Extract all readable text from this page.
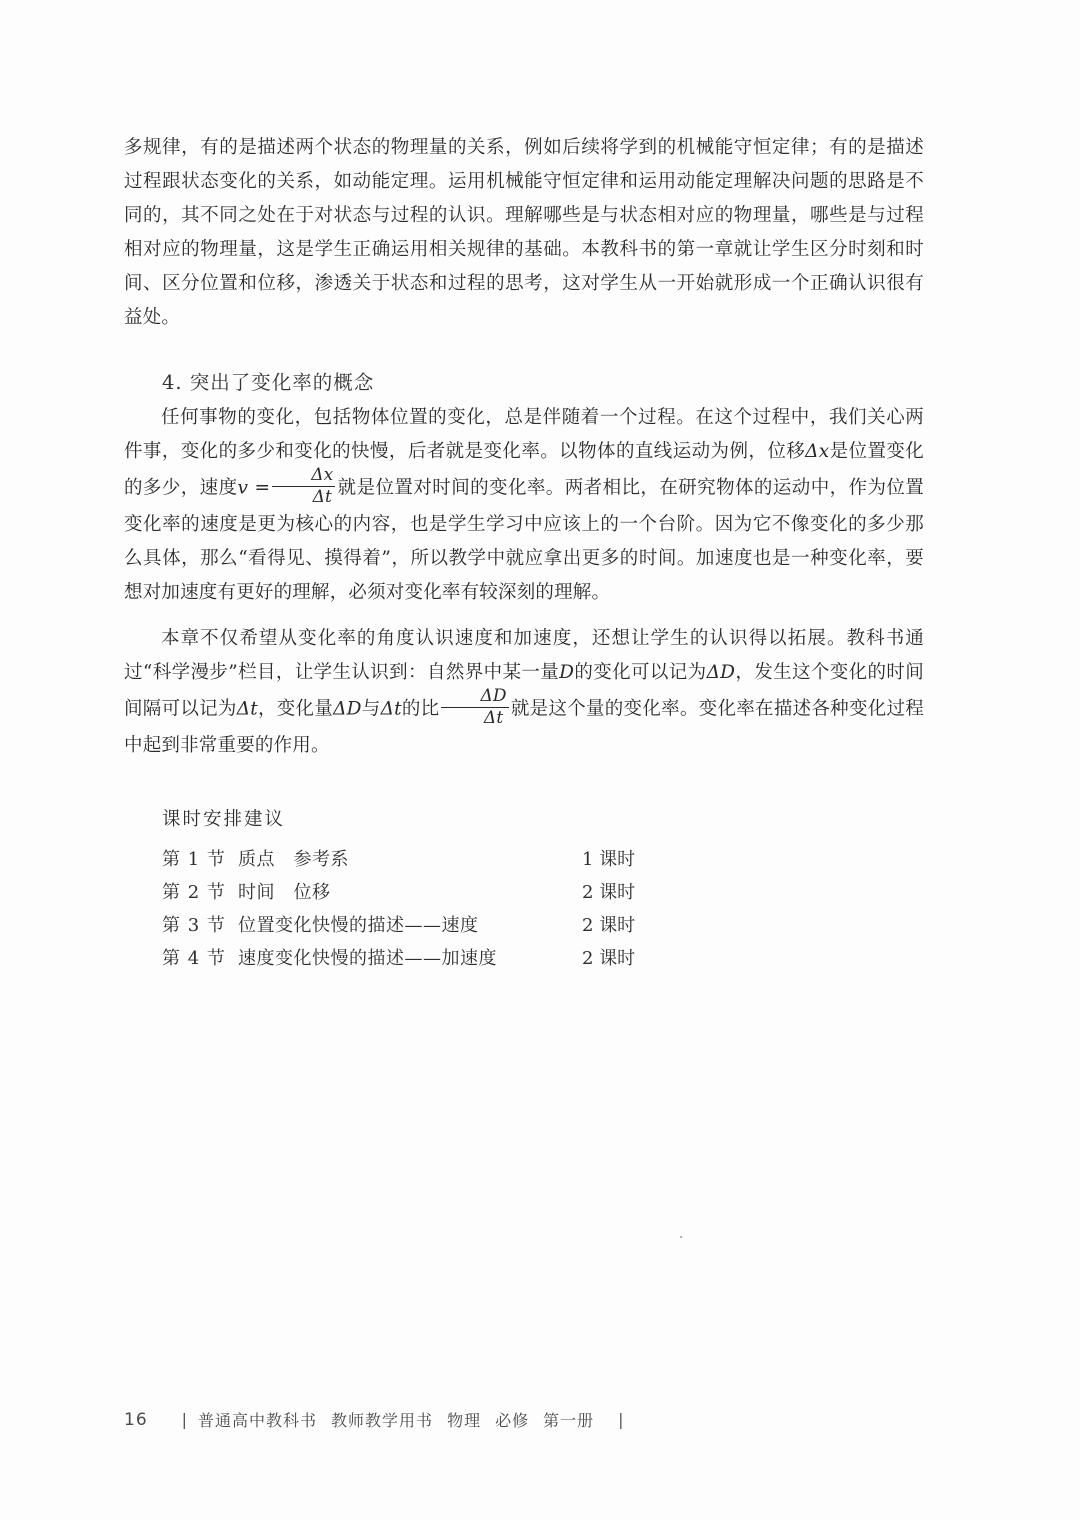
多规律，有的是描述两个状态的物理量的关系，例如后续将学到的机械能守恒定律；有的是描述过程跟状态变化的关系，如动能定理。运用机械能守恒定律和运用动能定理解决问题的思路是不同的，其不同之处在于对状态与过程的认识。理解哪些是与状态相对应的物理量，哪些是与过程相对应的物理量，这是学生正确运用相关规律的基础。本教科书的第一章就让学生区分时刻和时间、区分位置和位移，渗透关于状态和过程的思考，这对学生从一开始就形成一个正确认识很有益处。

4. 突出了变化率的概念

任何事物的变化，包括物体位置的变化，总是伴随着一个过程。在这个过程中，我们关心两件事，变化的多少和变化的快慢，后者就是变化率。以物体的直线运动为例，位移Δx是位置变化的多少，速度$v = \frac{\Delta x}{\Delta t}$ 就是位置对时间的变化率。两者相比，在研究物体的运动中，作为位置变化率的速度是更为核心的内容，也是学生学习中应该上的一个台阶。因为它不像变化的多少那么具体，那么“看得见、摸得着”，所以教学中就应拿出更多的时间。加速度也是一种变化率，要想对加速度有更好的理解，必须对变化率有较深刻的理解。

本章不仅希望从变化率的角度认识速度和加速度，还想让学生的认识得以拓展。教科书通过“科学漫步”栏目，让学生认识到：自然界中某一量D的变化可以记为ΔD，发生这个变化的时间间隔可以记为Δt，变化量ΔD与Δt的比 $\frac{\Delta D}{\Delta t}$ 就是这个量的变化率。变化率在描述各种变化过程中起到非常重要的作用。

课时安排建议
第 1 节 质点　参考系	1 课时
第 2 节 时间　位移	2 课时
第 3 节 位置变化快慢的描述——速度	2 课时
第 4 节 速度变化快慢的描述——加速度	2 课时
16 | 普通高中教科书 教师教学用书 物理 必修 第一册 |
